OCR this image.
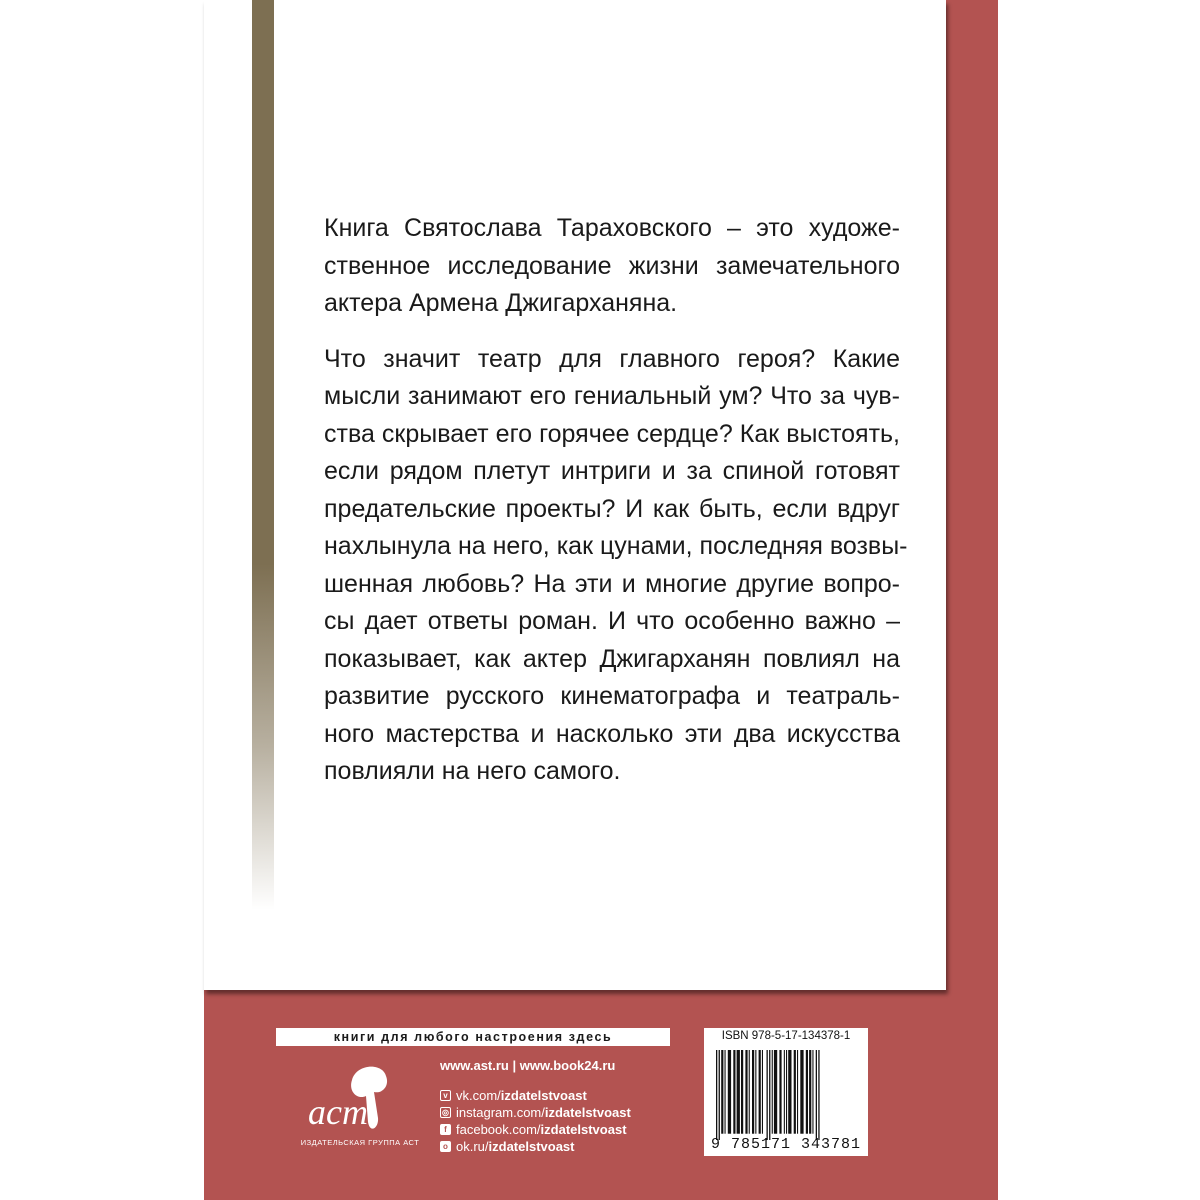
Книга Святослава Тараховского – это художе-
ственное исследование жизни замечательного
актера Армена Джигарханяна.

Что значит театр для главного героя? Какие
мысли занимают его гениальный ум? Что за чув-
ства скрывает его горячее сердце? Как выстоять,
если рядом плетут интриги и за спиной готовят
предательские проекты? И как быть, если вдруг
нахлынула на него, как цунами, последняя возвы-
шенная любовь? На эти и многие другие вопро-
сы дает ответы роман. И что особенно важно –
показывает, как актер Джигарханян повлиял на
развитие русского кинематографа и театраль-
ного мастерства и насколько эти два искусства
повлияли на него самого.

книги для любого настроения здесь
аст
ИЗДАТЕЛЬСКАЯ ГРУППА АСТ
www.ast.ru | www.book24.ru
v vk.com/ izdatelstvoast
◎ instagram.com/ izdatelstvoast
f facebook.com/ izdatelstvoast
o ok.ru/ izdatelstvoast
ISBN 978-5-17-134378-1
9 785171 343781
